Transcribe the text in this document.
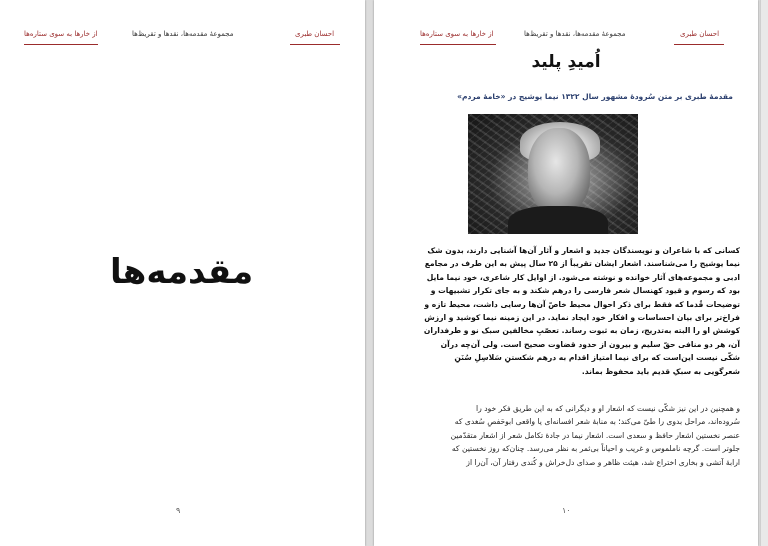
از خارها به سوی ستاره‌ها	مجموعهٔ مقدمه‌ها، نقدها و تقریظ‌ها	احسان طبری
مقدمه‌ها
۹
از خارها به سوی ستاره‌ها	مجموعهٔ مقدمه‌ها، نقدها و تقریظ‌ها	احسان طبری
۱۰
اُمیدِ پلید
مقدمهٔ طبری بر متن سُرودهٔ مشهور سال ۱۳۲۲ نیما یوشیج در «خامهٔ مردم»
کسانی که با شاعران و نویسندگان جدید و اشعار و آثار آن‌ها آشنایی دارند، بدون شک
نیما یوشیج را می‌شناسند. اشعار ایشان تقریباً از ۲۵ سال پیش به این طرف در مجامع
ادبی و مجموعه‌های آثار خوانده و نوشته می‌شود. از اوایل کار شاعری، خود نیما مایل
بود که رسوم و قیود کهنسال شعر فارسی را درهم شکند و به جای تکرار تشبیهات و
توضیحات قُدما که فقط برای ذکر احوال محیط خاصّ آن‌ها رسایی داشت، محیط تازه و
فراخ‌تر برای بیان احساسات و افکار خود ایجاد نماید. در این زمینه نیما کوشید و ارزش
کوشش او را البته به‌تدریج، زمان به ثبوت رساند. تعصّبِ مخالفین سبک نو و طرفداران
آن، هر دو منافی حقّ سلیم و بیرون از حدود قضاوت صحیح است. ولی آن‌چه درآن
شکّی نیست این‌است که برای نیما امتیاز اقدام به درهم شکستنِ سَلاسِلِ سُنَنِ
شعرگویی به سبکِ قدیم باید محفوظ بماند.
و همچنین در این نیز شکّی نیست که اشعار او و دیگرانی که به این طریق فکر خود را
سُروده‌اند، مراحل بدوی را طیّ می‌کند؛ به منابهٔ شعر افسانه‌ای یا واقعی ابوحَفصِ سُغدی که
عنصر نخستین اشعار حافظ و سعدی است. اشعار نیما در جادهٔ تکامل شعر از اشعار متقدّمین
جلوتر است. گرچه ناملموس و غریب و احیاناً بی‌ثمر به نظر می‌رسد. چنان‌که روز نخستین که
ارابهٔ آتشی و بخاری اختراع شد، هیئت ظاهر و صدای دل‌خراش و کُندی رفتار آن، آن‌را از
